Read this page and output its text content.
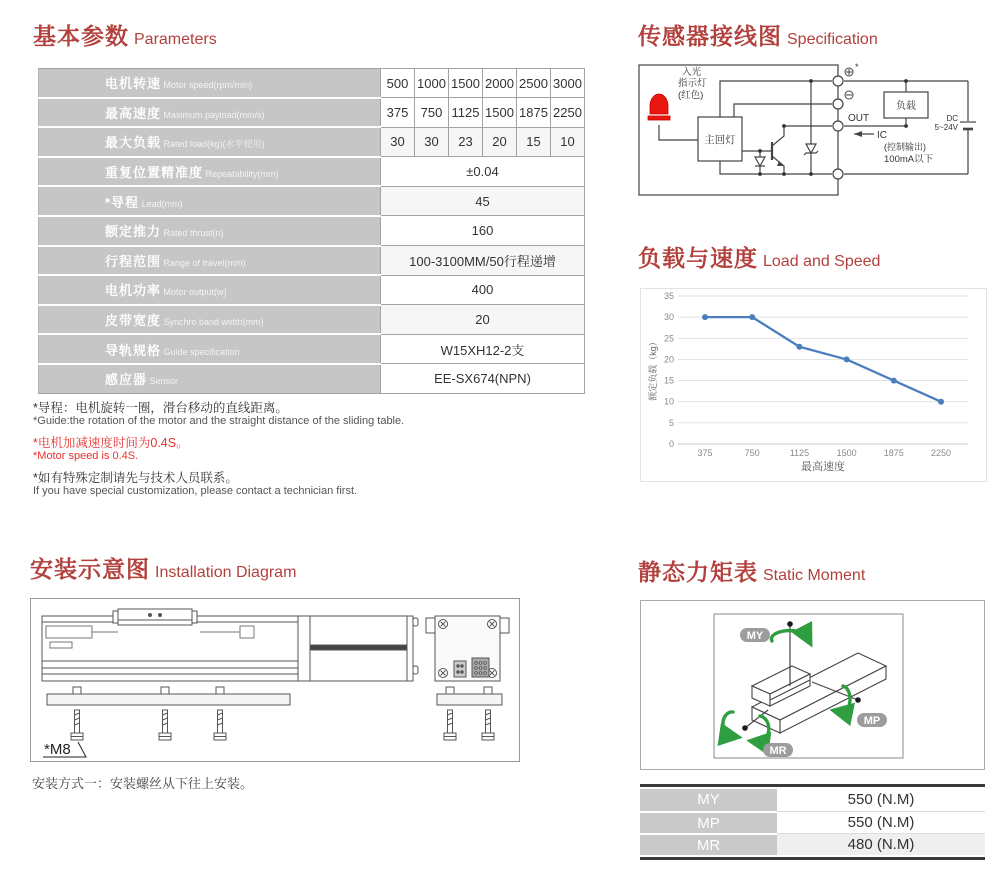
基本参数 Parameters
电机转速 Motor speed(rpm/min)	500	1000	1500	2000	2500	3000
最高速度 Maximum payload(mm/s)	375	750	1125	1500	1875	2250
最大负载 Rated load(kg)(水平使用)	30	30	23	20	15	10
重复位置精准度 Repeatability(mm)	±0.04					
*导程 Lead(mm)	45					
额定推力 Rated thrust(n)	160					
行程范围 Range of travel(mm)	100-3100MM/50行程递增					
电机功率 Motor output(w)	400					
皮带宽度 Synchro band width(mm)	20					
导轨规格 Guide specification	W15XH12-2支					
感应器 Sensor	EE-SX674(NPN)					
*导程：电机旋转一圈，滑台移动的直线距离。
*Guide:the rotation of the motor and the straight distance of the sliding table.
*电机加减速度时间为0.4S。
*Motor speed is 0.4S.
*如有特殊定制请先与技术人员联系。
If you have special customization, please contact a technician first.
传感器接线图 Specification
入光
指示灯
(红色)
主回灯
*
OUT
IC
(控制输出)
100mA以下
负载
DC
5~24V
负载与速度 Load and Speed
0
5
10
15
20
25
30
35
375	750	1125	1500	1875	2250
最高速度
额定负载（kg）
安装示意图 Installation Diagram
*M8
安装方式一：安装螺丝从下往上安装。
静态力矩表 Static Moment
MY
MP
MR
MY	550 (N.M)
MP	550 (N.M)
MR	480 (N.M)
